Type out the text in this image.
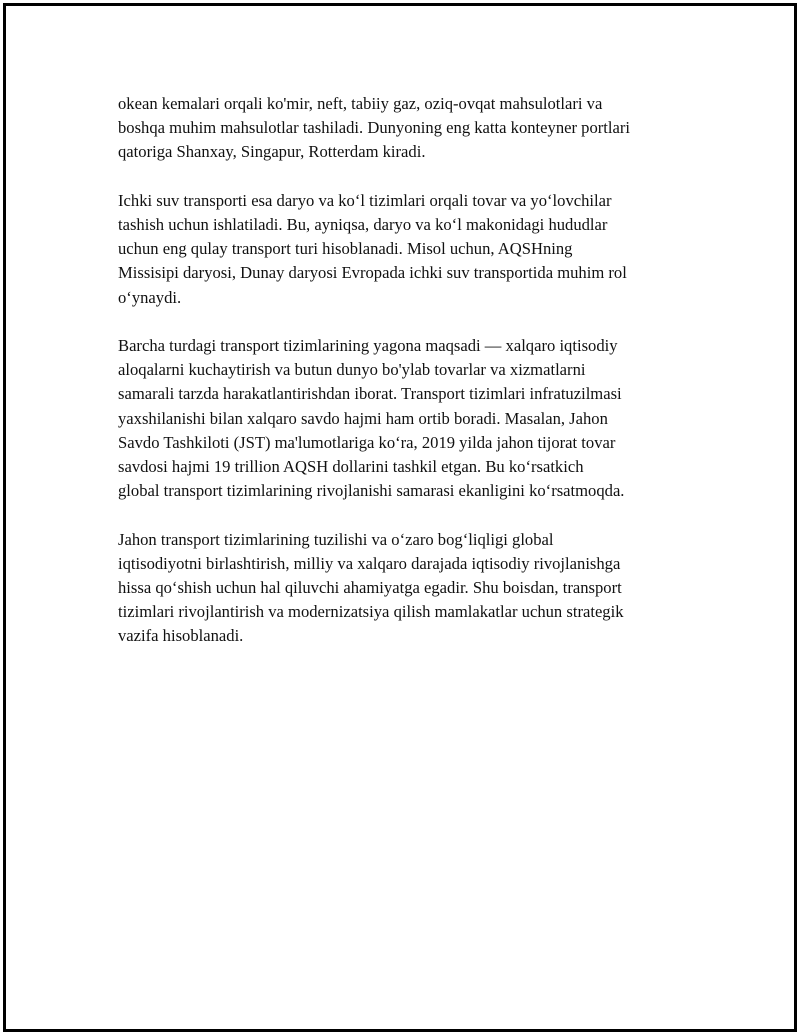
okean kemalari orqali ko'mir, neft, tabiiy gaz, oziq-ovqat mahsulotlari va
boshqa muhim mahsulotlar tashiladi. Dunyoning eng katta konteyner portlari
qatoriga Shanxay, Singapur, Rotterdam kiradi.

Ichki suv transporti esa daryo va ko‘l tizimlari orqali tovar va yo‘lovchilar
tashish uchun ishlatiladi. Bu, ayniqsa, daryo va ko‘l makonidagi hududlar
uchun eng qulay transport turi hisoblanadi. Misol uchun, AQSHning
Missisipi daryosi, Dunay daryosi Evropada ichki suv transportida muhim rol
o‘ynaydi.

Barcha turdagi transport tizimlarining yagona maqsadi — xalqaro iqtisodiy
aloqalarni kuchaytirish va butun dunyo bo'ylab tovarlar va xizmatlarni
samarali tarzda harakatlantirishdan iborat. Transport tizimlari infratuzilmasi
yaxshilanishi bilan xalqaro savdo hajmi ham ortib boradi. Masalan, Jahon
Savdo Tashkiloti (JST) ma'lumotlariga ko‘ra, 2019 yilda jahon tijorat tovar
savdosi hajmi 19 trillion AQSH dollarini tashkil etgan. Bu ko‘rsatkich
global transport tizimlarining rivojlanishi samarasi ekanligini ko‘rsatmoqda.

Jahon transport tizimlarining tuzilishi va o‘zaro bog‘liqligi global
iqtisodiyotni birlashtirish, milliy va xalqaro darajada iqtisodiy rivojlanishga
hissa qo‘shish uchun hal qiluvchi ahamiyatga egadir. Shu boisdan, transport
tizimlari rivojlantirish va modernizatsiya qilish mamlakatlar uchun strategik
vazifa hisoblanadi.
